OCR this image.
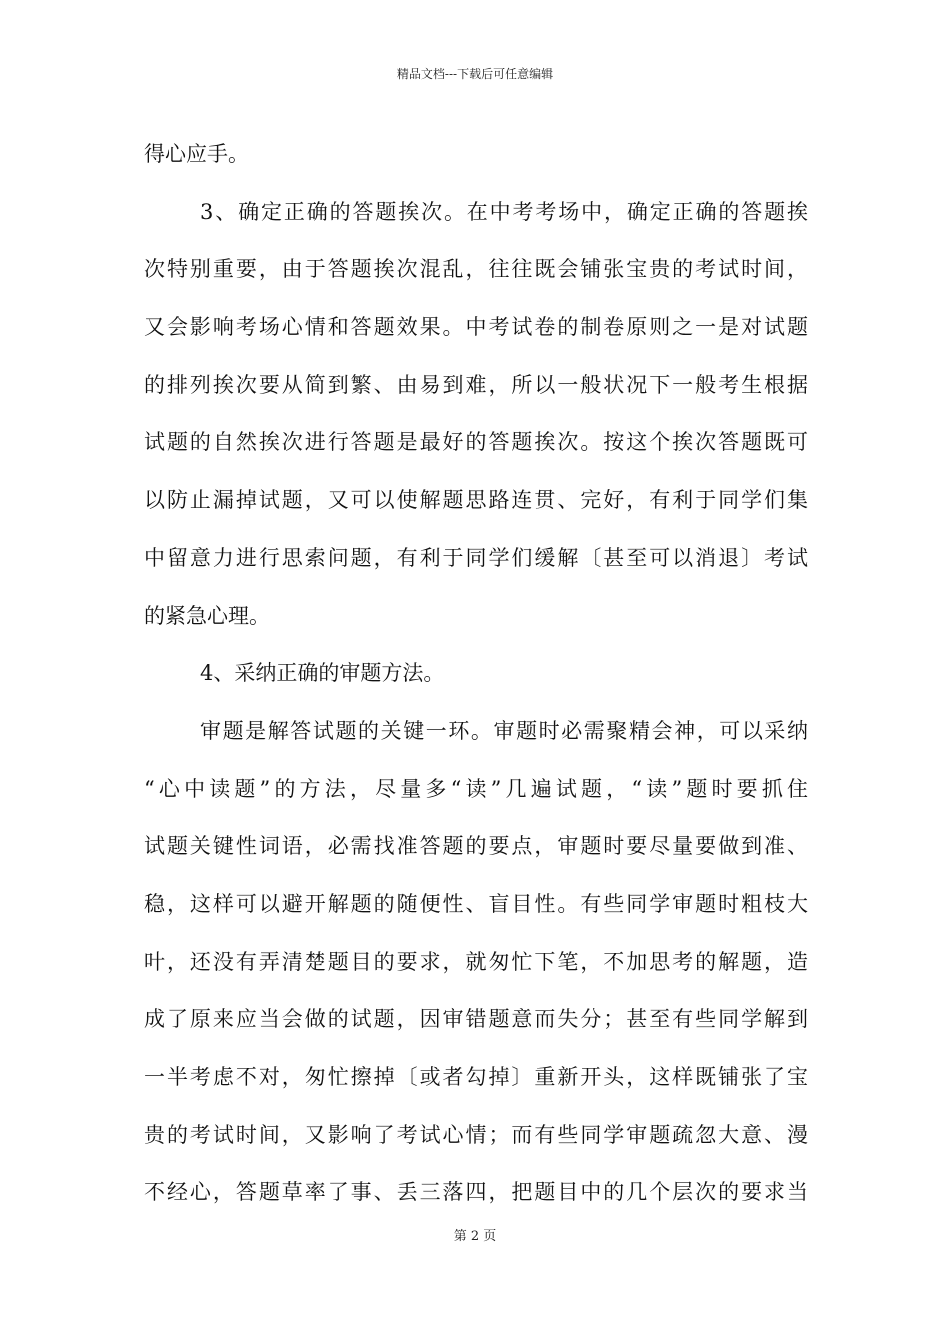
精品文档---下载后可任意编辑
得心应手。
3、确定正确的答题挨次。在中考考场中，确定正确的答题挨
次特别重要，由于答题挨次混乱，往往既会铺张宝贵的考试时间，
又会影响考场心情和答题效果。中考试卷的制卷原则之一是对试题
的排列挨次要从简到繁、由易到难，所以一般状况下一般考生根据
试题的自然挨次进行答题是最好的答题挨次。按这个挨次答题既可
以防止漏掉试题，又可以使解题思路连贯、完好，有利于同学们集
中留意力进行思索问题，有利于同学们缓解〔甚至可以消退〕考试
的紧急心理。
4、采纳正确的审题方法。
审题是解答试题的关键一环。审题时必需聚精会神，可以采纳
“心中读题”的方法，尽量多“读”几遍试题，“读”题时要抓住
试题关键性词语，必需找准答题的要点，审题时要尽量要做到准、
稳，这样可以避开解题的随便性、盲目性。有些同学审题时粗枝大
叶，还没有弄清楚题目的要求，就匆忙下笔，不加思考的解题，造
成了原来应当会做的试题，因审错题意而失分；甚至有些同学解到
一半考虑不对，匆忙擦掉〔或者勾掉〕重新开头，这样既铺张了宝
贵的考试时间，又影响了考试心情；而有些同学审题疏忽大意、漫
不经心，答题草率了事、丢三落四，把题目中的几个层次的要求当
第 2 页
